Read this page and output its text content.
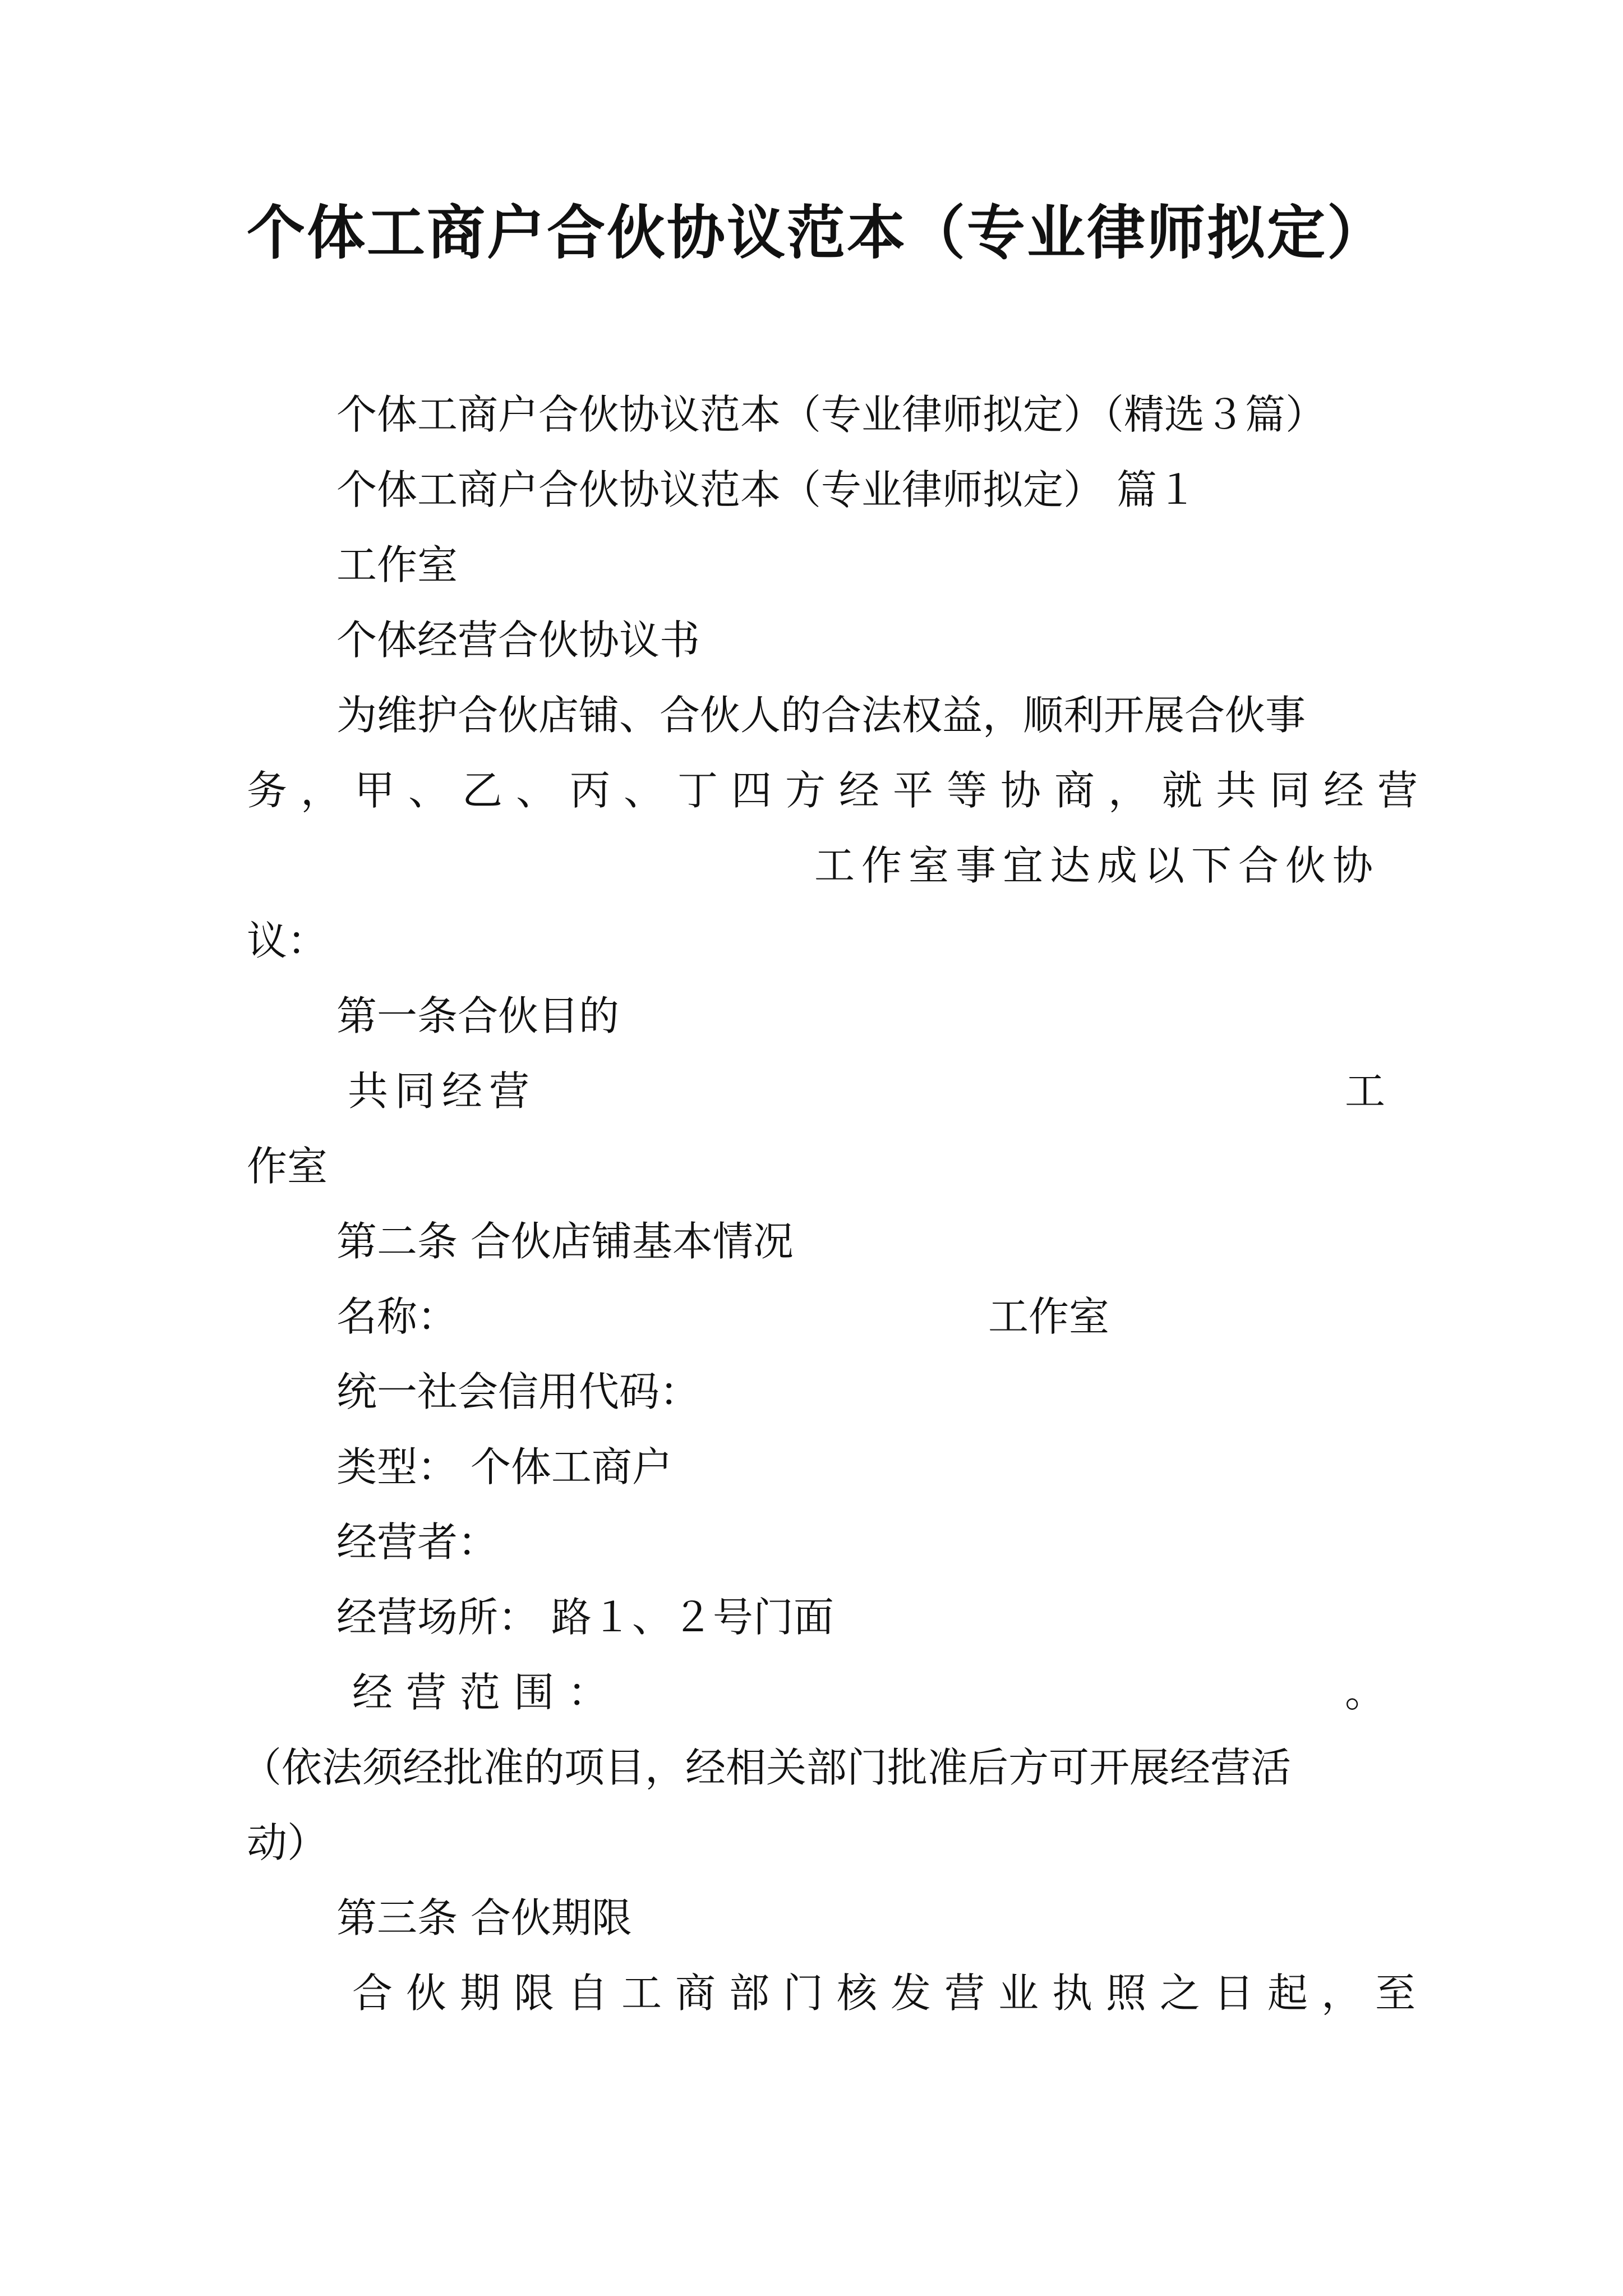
个体工商户合伙协议范本（专业律师拟定）

个体工商户合伙协议范本（专业律师拟定）（精选３篇）

个体工商户合伙协议范本（专业律师拟定） 篇１

工作室

个体经营合伙协议书

为维护合伙店铺、合伙人的合法权益，顺利开展合伙事

务，甲、乙、丙、丁四方经平等协商，就共同经营

工作室事宜达成以下合伙协

议：

第一条合伙目的

共同经营	工

作室

第二条 合伙店铺基本情况

名称：	工作室

统一社会信用代码：

类型： 个体工商户

经营者：

经营场所： 路１、２号门面

经营范围：	。

（依法须经批准的项目，经相关部门批准后方可开展经营活

动）

第三条 合伙期限

合伙期限自工商部门核发营业执照之日起，至
